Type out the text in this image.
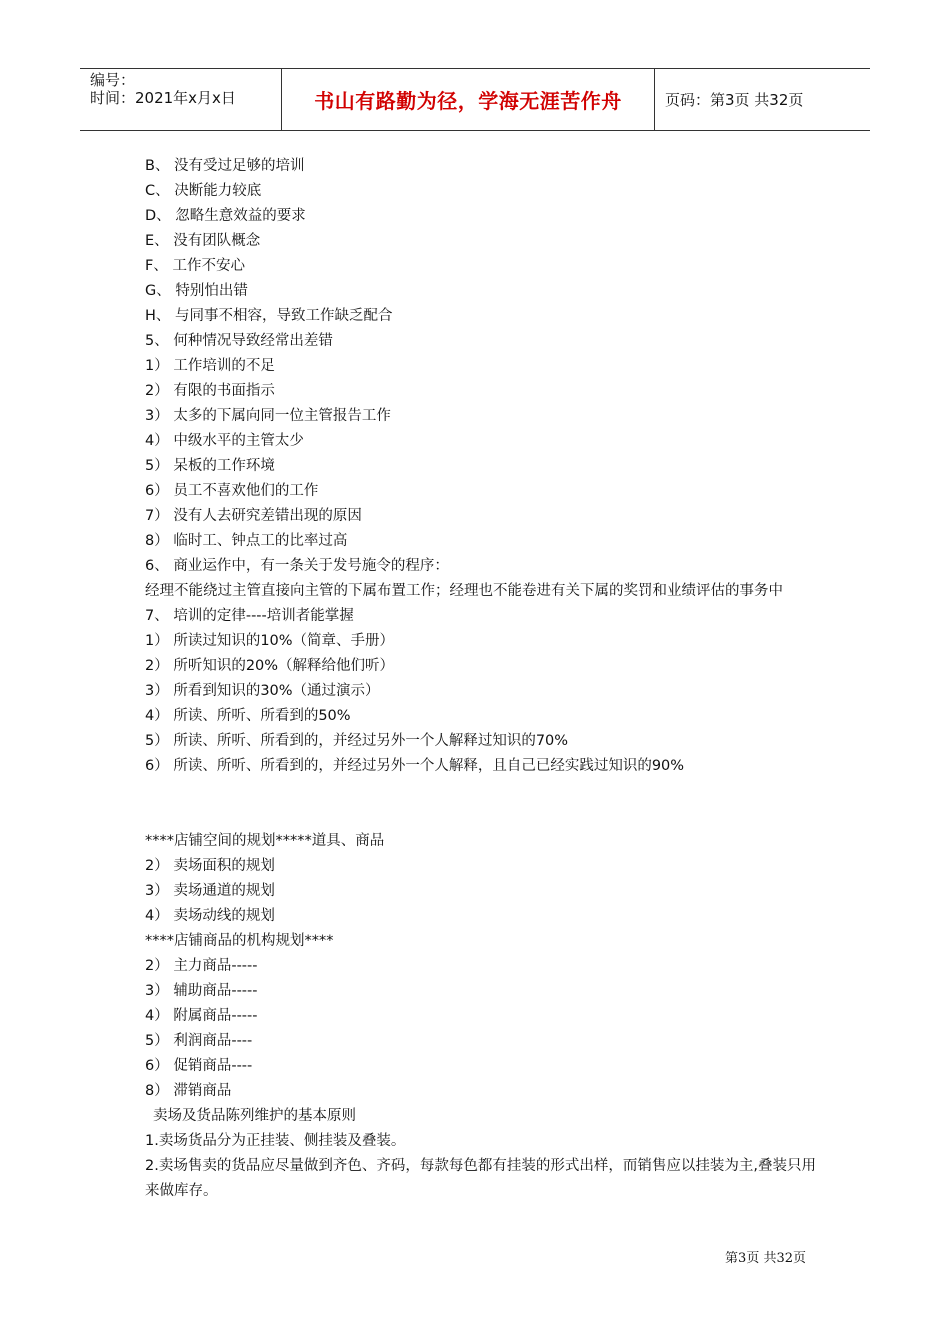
编号：
时间：2021年x月x日	书山有路勤为径，学海无涯苦作舟	页码：第3页 共32页
B、 没有受过足够的培训
C、 决断能力较底
D、 忽略生意效益的要求
E、 没有团队概念
F、 工作不安心
G、 特别怕出错
H、 与同事不相容，导致工作缺乏配合
5、 何种情况导致经常出差错
1） 工作培训的不足
2） 有限的书面指示
3） 太多的下属向同一位主管报告工作
4） 中级水平的主管太少
5） 呆板的工作环境
6） 员工不喜欢他们的工作
7） 没有人去研究差错出现的原因
8） 临时工、钟点工的比率过高
6、 商业运作中，有一条关于发号施令的程序：
经理不能绕过主管直接向主管的下属布置工作；经理也不能卷进有关下属的奖罚和业绩评估的事务中
7、 培训的定律----培训者能掌握
1） 所读过知识的10%（简章、手册）
2） 所听知识的20%（解释给他们听）
3） 所看到知识的30%（通过演示）
4） 所读、所听、所看到的50%
5） 所读、所听、所看到的，并经过另外一个人解释过知识的70%
6） 所读、所听、所看到的，并经过另外一个人解释，且自己已经实践过知识的90%
****店铺空间的规划*****道具、商品
2） 卖场面积的规划
3） 卖场通道的规划
4） 卖场动线的规划
****店铺商品的机构规划****
2） 主力商品-----
3） 辅助商品-----
4） 附属商品-----
5） 利润商品----
6） 促销商品----
8） 滞销商品
卖场及货品陈列维护的基本原则
1.卖场货品分为正挂装、侧挂装及叠装。
2.卖场售卖的货品应尽量做到齐色、齐码，每款每色都有挂装的形式出样，而销售应以挂装为主,叠装只用来做库存。
第3页 共32页
